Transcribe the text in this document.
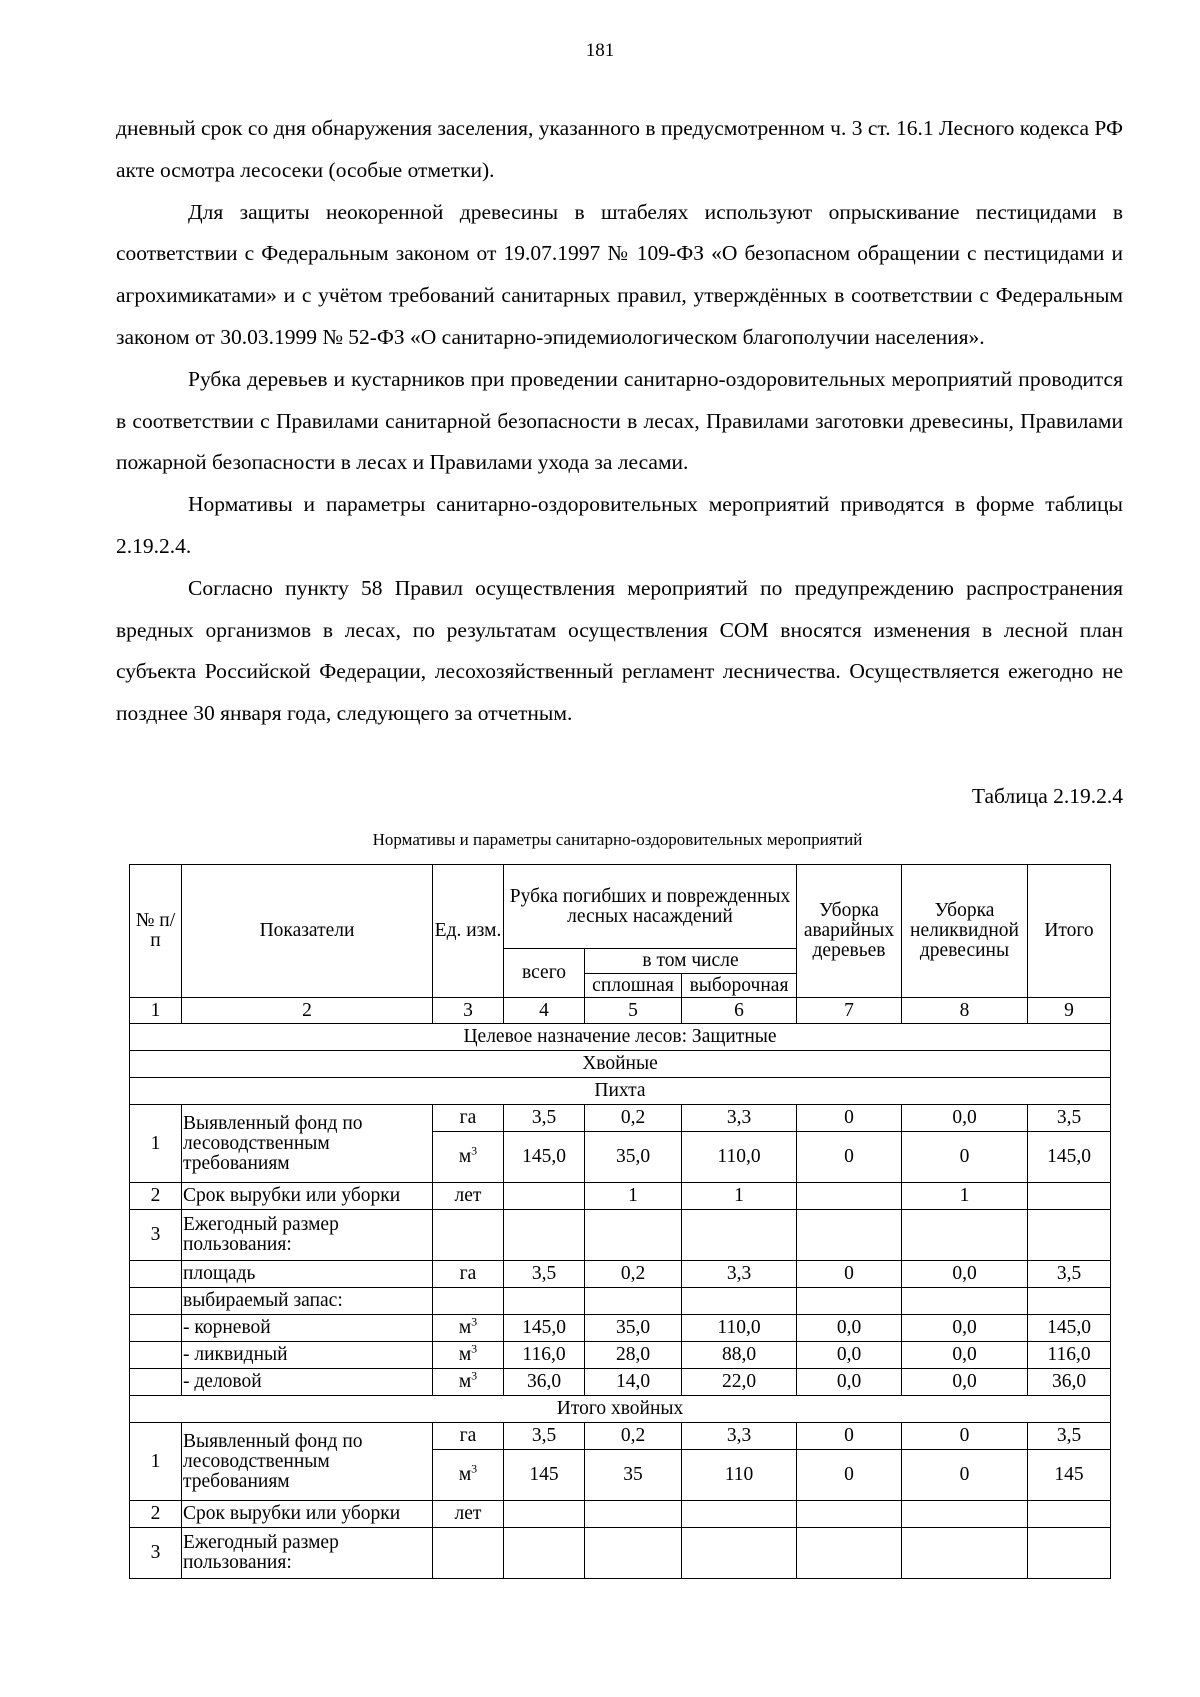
181

дневный срок со дня обнаружения заселения, указанного в предусмотренном ч. 3 ст. 16.1 Лесного кодекса РФ акте осмотра лесосеки (особые отметки).

Для защиты неокоренной древесины в штабелях используют опрыскивание пестицидами в соответствии с Федеральным законом от 19.07.1997 № 109-ФЗ «О безопасном обращении с пестицидами и агрохимикатами» и с учётом требований санитарных правил, утверждённых в соответствии с Федеральным законом от 30.03.1999 № 52-ФЗ «О санитарно-эпидемиологическом благополучии населения».

Рубка деревьев и кустарников при проведении санитарно-оздоровительных мероприятий проводится в соответствии с Правилами санитарной безопасности в лесах, Правилами заготовки древесины, Правилами пожарной безопасности в лесах и Правилами ухода за лесами.

Нормативы и параметры санитарно-оздоровительных мероприятий приводятся в форме таблицы 2.19.2.4.

Согласно пункту 58 Правил осуществления мероприятий по предупреждению распространения вредных организмов в лесах, по результатам осуществления СОМ вносятся изменения в лесной план субъекта Российской Федерации, лесохозяйственный регламент лесничества. Осуществляется ежегодно не позднее 30 января года, следующего за отчетным.

Таблица 2.19.2.4
Нормативы и параметры санитарно-оздоровительных мероприятий
№ п/п	Показатели	Ед. изм.	Рубка погибших и поврежденных лесных насаждений			Уборка аварийных деревьев	Уборка неликвидной древесины	Итого
			всего	в том числе				
				сплошная	выборочная			
1	2	3	4	5	6	7	8	9
Целевое назначение лесов: Защитные								
Хвойные								
Пихта								
1	Выявленный фонд по лесоводственным требованиям	га	3,5	0,2	3,3	0	0,0	3,5
		$м^3$	145,0	35,0	110,0	0	0	145,0
2	Срок вырубки или уборки	лет		1	1		1	
3	Ежегодный размер пользования:							
	площадь	га	3,5	0,2	3,3	0	0,0	3,5
	выбираемый запас:							
	- корневой	$м^3$	145,0	35,0	110,0	0,0	0,0	145,0
	- ликвидный	$м^3$	116,0	28,0	88,0	0,0	0,0	116,0
	- деловой	$м^3$	36,0	14,0	22,0	0,0	0,0	36,0
Итого хвойных								
1	Выявленный фонд по лесоводственным требованиям	га	3,5	0,2	3,3	0	0	3,5
		$м^3$	145	35	110	0	0	145
2	Срок вырубки или уборки	лет						
3	Ежегодный размер пользования:							
